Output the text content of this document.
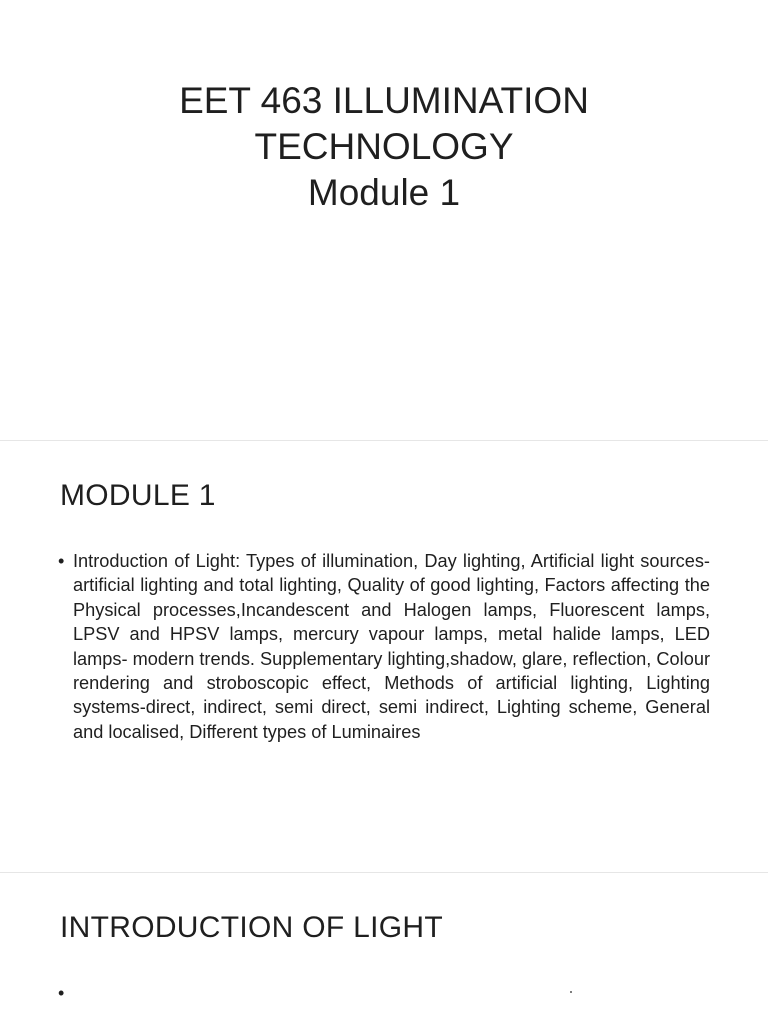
EET 463 ILLUMINATION
TECHNOLOGY
Module 1
MODULE 1
• Introduction of Light: Types of illumination, Day lighting, Artificial light sources- artificial lighting and total lighting, Quality of good lighting, Factors affecting the Physical processes,Incandescent and Halogen lamps, Fluorescent lamps, LPSV and HPSV lamps, mercury vapour lamps, metal halide lamps, LED lamps- modern trends. Supplementary lighting,shadow, glare, reflection, Colour rendering and stroboscopic effect, Methods of artificial lighting, Lighting systems-direct, indirect, semi direct, semi indirect, Lighting scheme, General and localised, Different types of Luminaires
INTRODUCTION OF LIGHT
•
